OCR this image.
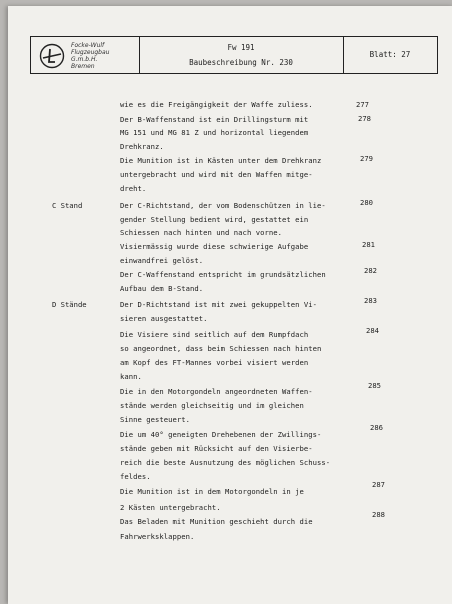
Focke-Wulf
Flugzeugbau
G.m.b.H.
Bremen
Fw 191
Baubeschreibung Nr. 230
Blatt: 27
C Stand
D Stände
wie es die Freigängigkeit der Waffe zuliess.
Der B-Waffenstand ist ein Drillingsturm mit
MG 151 und MG 81 Z und horizontal liegendem
Drehkranz.
Die Munition ist in Kästen unter dem Drehkranz
untergebracht und wird mit den Waffen mitge-
dreht.
Der C-Richtstand, der vom Bodenschützen in lie-
gender Stellung bedient wird, gestattet ein
Schiessen nach hinten und nach vorne.
Visiermässig wurde diese schwierige Aufgabe
einwandfrei gelöst.
Der C-Waffenstand entspricht im grundsätzlichen
Aufbau dem B-Stand.
Der D-Richtstand ist mit zwei gekuppelten Vi-
sieren ausgestattet.
Die Visiere sind seitlich auf dem Rumpfdach
so angeordnet, dass beim Schiessen nach hinten
am Kopf des FT-Mannes vorbei visiert werden
kann.
Die in den Motorgondeln angeordneten Waffen-
stände werden gleichseitig und im gleichen
Sinne gesteuert.
Die um 40° geneigten Drehebenen der Zwillings-
stände geben mit Rücksicht auf den Visierbe-
reich die beste Ausnutzung des möglichen Schuss-
feldes.
Die Munition ist in dem Motorgondeln in je
2 Kästen untergebracht.
Das Beladen mit Munition geschieht durch die
Fahrwerksklappen.
277
278
279
280
281
282
283
284
285
286
287
288
